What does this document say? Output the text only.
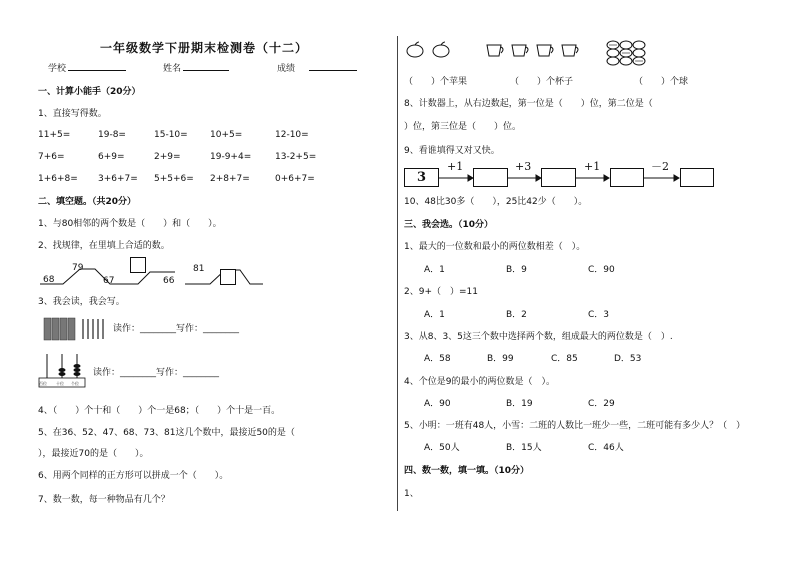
一年级数学下册期末检测卷（十二）
学校	姓名	成绩
一、计算小能手（20分）
1、直接写得数。
11+5=	19-8=	15-10= 10+5=	12-10=
7+6=	6+9=	2+9=	19-9+4=	13-2+5=
1+6+8= 3+6+7= 5+5+6= 2+8+7=	0+6+7=
二、填空题。（共20分）
1、与80相邻的两个数是（　　）和（　　）。
2、找规律，在里填上合适的数。
68
79
67	66
81
3、我会读，我会写。
读作：________写作：________
百位 十位 个位
读作：________写作：________
4、（　　）个十和（　　）个一是68；（　　）个十是一百。
5、在36、52、47、68、73、81这几个数中，最接近50的是（
），最接近70的是（　　）。
6、用两个同样的正方形可以拼成一个（　　）。
7、数一数，每一种物品有几个？
（　　）个苹果	（　　）个杯子	（　　）个球
8、计数器上，从右边数起，第一位是（　　）位，第二位是（
）位，第三位是（　　）位。
9、看谁填得又对又快。
3
+1	+3	+1	－2
10、48比30多（　　），25比42少（　　）。
三、我会选。（10分）
1、最大的一位数和最小的两位数相差（　）。
A．1	B．9	C．90
2、9+（　）=11
A．1	B．2	C．3
3、从8、3、5这三个数中选择两个数，组成最大的两位数是（　）.
A．58	B．99	C．85	D．53
4、个位是9的最小的两位数是（　）。
A．90	B．19	C．29
5、小明：一班有48人，小雪：二班的人数比一班少一些，二班可能有多少人？（　）
A．50人	B．15人	C．46人
四、数一数，填一填。（10分）
1、
